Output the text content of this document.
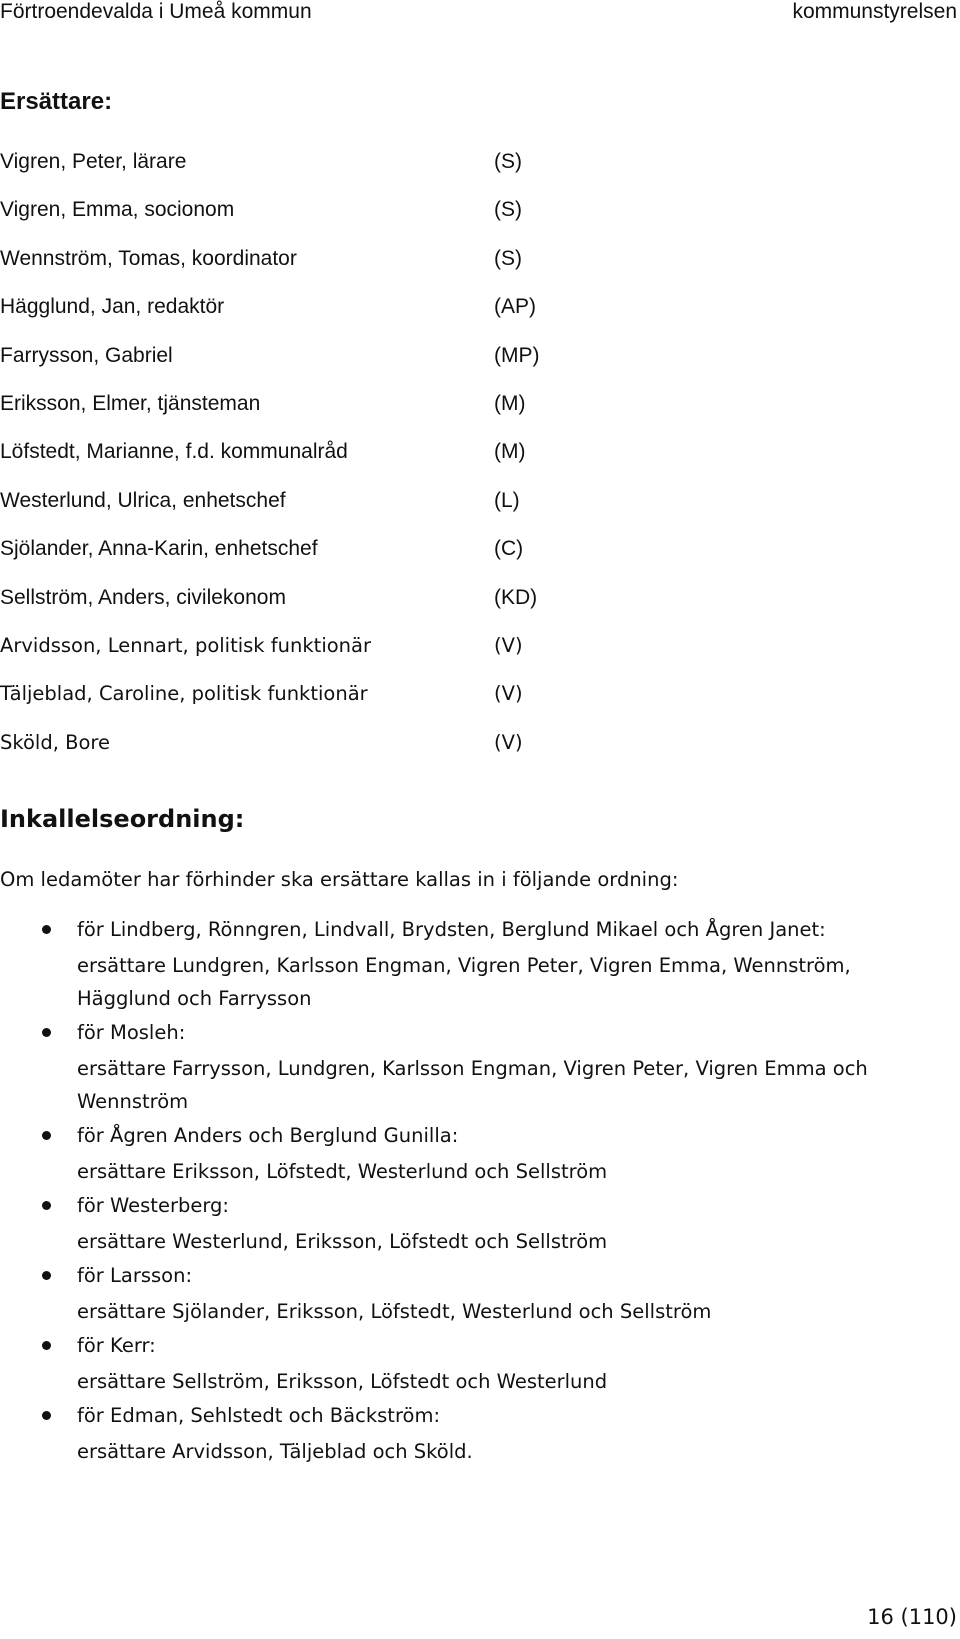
Förtroendevalda i Umeå kommun	kommunstyrelsen
Ersättare:
Vigren, Peter, lärare	(S)
Vigren, Emma, socionom	(S)
Wennström, Tomas, koordinator	(S)
Hägglund, Jan, redaktör	(AP)
Farrysson, Gabriel	(MP)
Eriksson, Elmer, tjänsteman	(M)
Löfstedt, Marianne, f.d. kommunalråd	(M)
Westerlund, Ulrica, enhetschef	(L)
Sjölander, Anna-Karin, enhetschef	(C)
Sellström, Anders, civilekonom	(KD)
Arvidsson, Lennart, politisk funktionär	(V)
Täljeblad, Caroline, politisk funktionär	(V)
Sköld, Bore	(V)
Inkallelseordning:
Om ledamöter har förhinder ska ersättare kallas in i följande ordning:
för Lindberg, Rönngren, Lindvall, Brydsten, Berglund Mikael och Ågren Janet:
ersättare Lundgren, Karlsson Engman, Vigren Peter, Vigren Emma, Wennström, Hägglund och Farrysson
för Mosleh:
ersättare Farrysson, Lundgren, Karlsson Engman, Vigren Peter, Vigren Emma och Wennström
för Ågren Anders och Berglund Gunilla:
ersättare Eriksson, Löfstedt, Westerlund och Sellström
för Westerberg:
ersättare Westerlund, Eriksson, Löfstedt och Sellström
för Larsson:
ersättare Sjölander, Eriksson, Löfstedt, Westerlund och Sellström
för Kerr:
ersättare Sellström, Eriksson, Löfstedt och Westerlund
för Edman, Sehlstedt och Bäckström:
ersättare Arvidsson, Täljeblad och Sköld.
16 (110)
